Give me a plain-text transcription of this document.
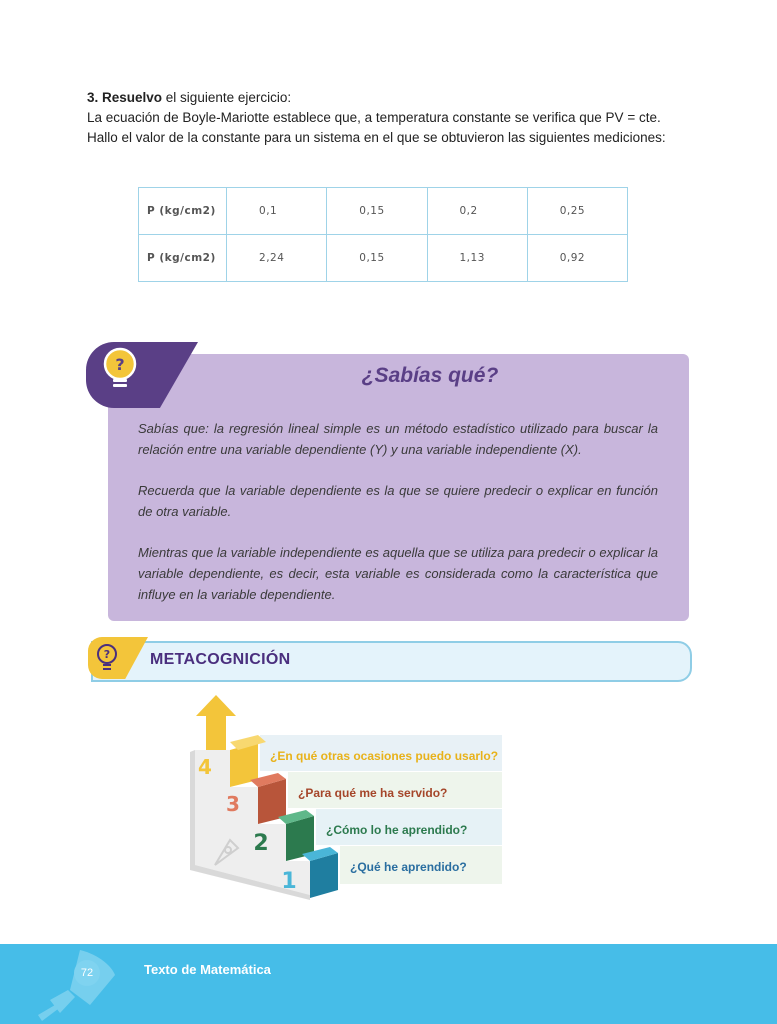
3. Resuelvo el siguiente ejercicio:

La ecuación de Boyle-Mariotte establece que, a temperatura constante se verifica que PV = cte.

Hallo el valor de la constante para un sistema en el que se obtuvieron las siguientes mediciones:

P (kg/cm2)	0,1	0,15	0,2	0,25
P (kg/cm2)	2,24	0,15	1,13	0,92
?	¿Sabías qué?

Sabías que: la regresión lineal simple es un método estadístico utilizado para buscar la relación entre una variable dependiente (Y) y una variable independiente (X).

Recuerda que la variable dependiente es la que se quiere predecir o explicar en función de otra variable.

Mientras que la variable independiente es aquella que se utiliza para predecir o explicar la variable dependiente, es decir, esta variable es considerada como la característica que influye en la variable dependiente.

? METACOGNICIÓN
4
3
2
1
¿En qué otras ocasiones puedo usarlo?
¿Para qué me ha servido?
¿Cómo lo he aprendido?
¿Qué he aprendido?
72	Texto de Matemática
